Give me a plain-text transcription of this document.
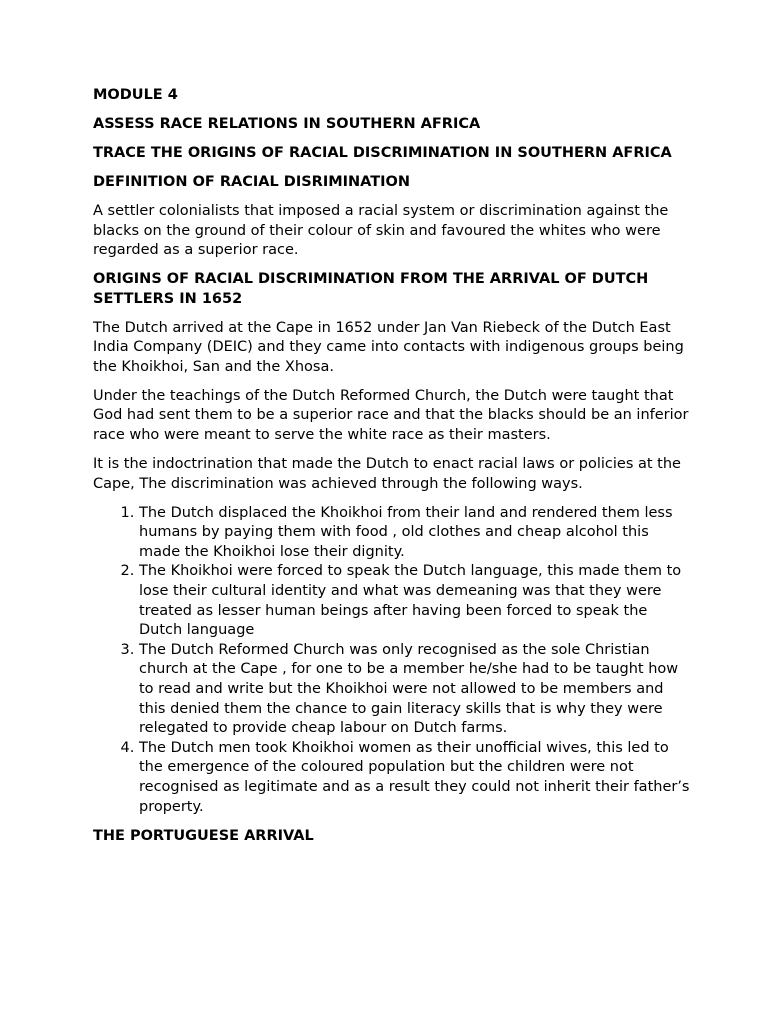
MODULE 4

ASSESS RACE RELATIONS IN SOUTHERN AFRICA

TRACE THE ORIGINS OF RACIAL DISCRIMINATION IN SOUTHERN AFRICA

DEFINITION OF RACIAL DISRIMINATION

A settler colonialists that imposed a racial system or discrimination against the blacks on the ground of their colour of skin and favoured the whites who were regarded as a superior race.

ORIGINS OF RACIAL DISCRIMINATION FROM THE ARRIVAL OF DUTCH SETTLERS IN 1652

The Dutch arrived at the Cape in 1652 under Jan Van Riebeck of the Dutch East India Company (DEIC) and they came into contacts with indigenous groups being the Khoikhoi, San and the Xhosa.

Under the teachings of the Dutch Reformed Church, the Dutch were taught that God had sent them to be a superior race and that the blacks should be an inferior race who were meant to serve the white race as their masters.

It is the indoctrination that made the Dutch to enact racial laws or policies at the Cape, The discrimination was achieved through the following ways.

1. The Dutch displaced the Khoikhoi from their land and rendered them less humans by paying them with food , old clothes and cheap alcohol this made the Khoikhoi lose their dignity.
2. The Khoikhoi were forced to speak the Dutch language, this made them to lose their cultural identity and what was demeaning was that they were treated as lesser human beings after having been forced to speak the Dutch language
3. The Dutch Reformed Church was only recognised as the sole Christian church at the Cape , for one to be a member he/she had to be taught how to read and write but the Khoikhoi were not allowed to be members and this denied them the chance to gain literacy skills that is why they were relegated to provide cheap labour on Dutch farms.
4. The Dutch men took Khoikhoi women as their unofficial wives, this led to the emergence of the coloured population but the children were not recognised as legitimate and as a result they could not inherit their father’s property.

THE PORTUGUESE ARRIVAL
